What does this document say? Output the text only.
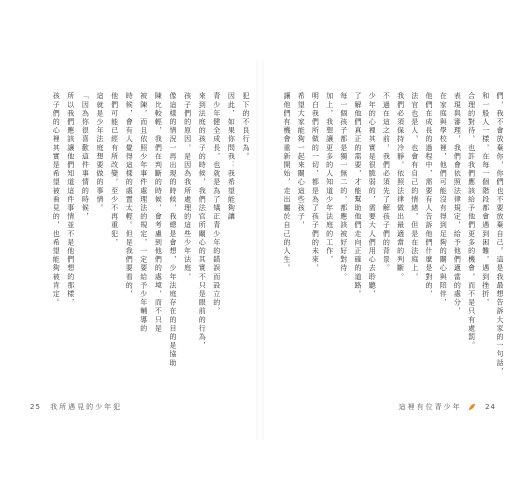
犯下的不良行為。
因此，如果你問我：我希望能夠讓
青少年健全成長，也就是為了矯正青少年的錯誤而設立的，
來到法庭的孩子的時候，我們法官所關心的其實不只是眼前的行為，
孩子們的原因，是因為我所處理的這些少年法庭，
像這樣的情況一再出現的時候，我總是會想，少年法庭存在的目的是協助
陳比較輕，我們在判斷的時候，會考慮到他們的處境，而不只是
被陳，而且依照少年事件處理法的規定，一定要給予少年輔導的
時候，會有人覺得這樣的處置太輕。但是我們要看的，
他們可能已經有所改變，至少不再重犯，
這就是少年法庭想要做的事情。
「因為你很喜歡這件事情的時候，
所以我們應該讓他們知道這件事情並不是他們想的那樣，
孩子們的心裡其實是希望被看見的，也希望能夠被肯定。	們，我不會放棄你，你們也不要放棄自己。這是我最想告訴大家的一句話，
和一般人一樣，在每一個階段都會遇到困難，遇到挫折，
合理的對待，也許我們應該給予他們更多的機會，而不是只有處罰。
表現與審理，我們會依照法律規定，給予他們適當的處分，
在家庭與學校裡，他們可能沒有得到足夠的關心與陪伴，
他們在成長的過程中，需要有人告訴他們什麼是對的，
法官也是人，也會有自己的情緒，但是在法庭上，
我們必須保持冷靜，依照法律做出最適當的判斷。
不過在這之前，我們必須先了解孩子們的背景。
少年的心裡其實是很脆弱的，需要大人們用心去聆聽，
了解他們真正的需要，才能幫助他們走向正確的道路。
每一個孩子都是獨一無二的，都應該被好好對待。
加上，我想讓更多的人知道少年法庭的工作，
明白我們所做的一切，都是為了孩子們的未來，
希望大家能夠一起來關心這些孩子，
讓他們有機會重新開始，走出屬於自己的人生。
25 我所遇見的少年犯	這裡有位青少年	24
